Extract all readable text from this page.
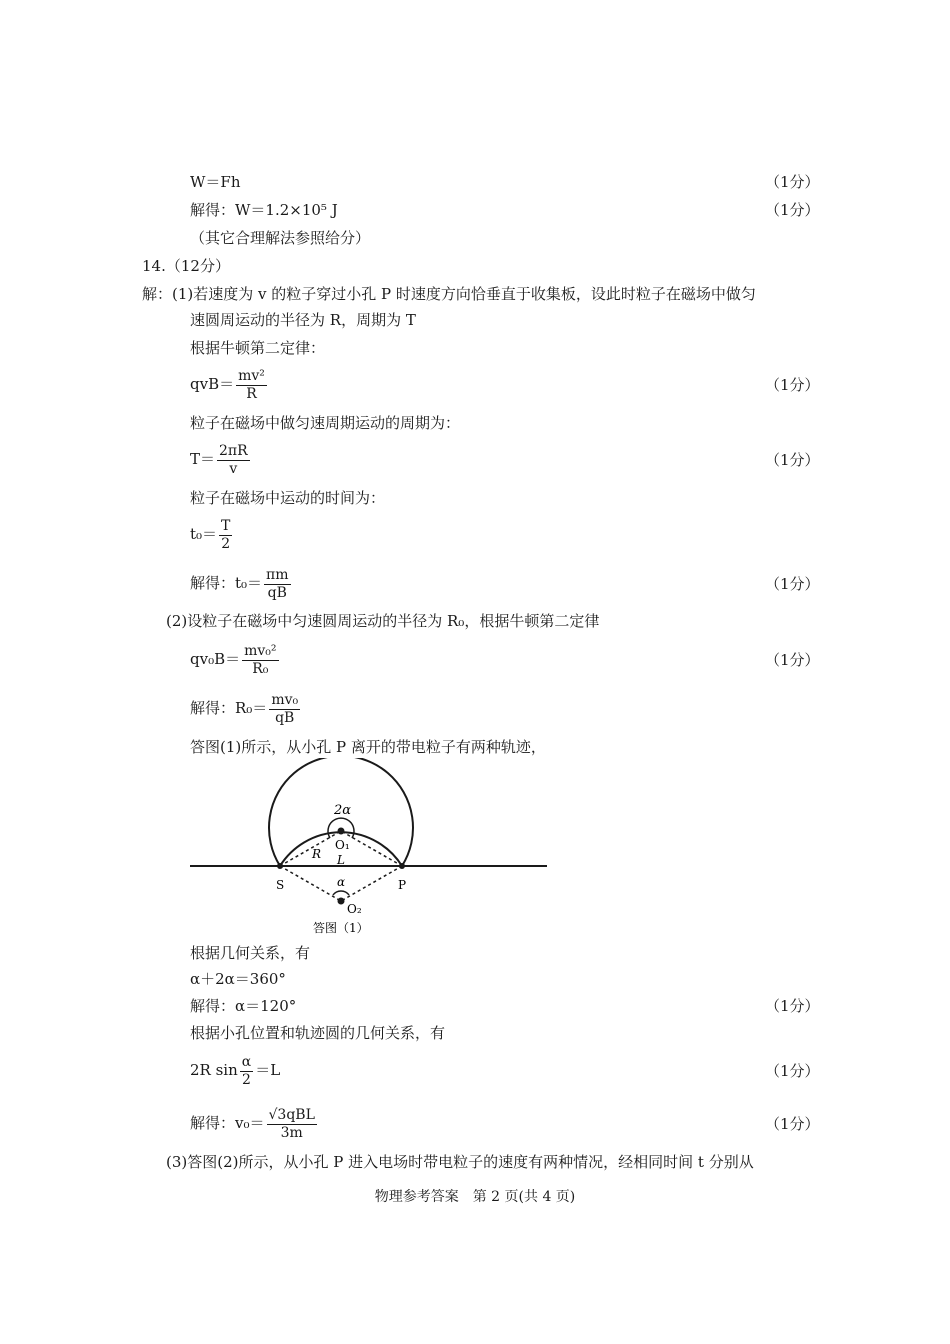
W＝Fh	（1分）
解得：W＝1.2×10⁵ J	（1分）
（其它合理解法参照给分）
14.（12分）
解：(1)若速度为 v 的粒子穿过小孔 P 时速度方向恰垂直于收集板，设此时粒子在磁场中做匀
速圆周运动的半径为 R，周期为 T
根据牛顿第二定律：
$qvB= \frac{\text{mv²}}{R}$	（1分）
粒子在磁场中做匀速周期运动的周期为：
$T= \frac{2\pi R}{v}$	（1分）
粒子在磁场中运动的时间为：
$t_0= \frac{T}{2}$
解得：$t_0= \frac{\pi m}{qB}$	（1分）
(2)设粒子在磁场中匀速圆周运动的半径为 R₀，根据牛顿第二定律
$qv_0B= \frac{\text{mv₀²}}{\text{R₀}}$	（1分）
解得：$R_0= \frac{\text{mv₀}}{qB}$
答图(1)所示，从小孔 P 离开的带电粒子有两种轨迹，
2α
O₁
R L
S	P
α
O₂
答图（1）
根据几何关系，有
α＋2α＝360°
解得：α＝120°	（1分）
根据小孔位置和轨迹圆的几何关系，有
2R $\sin \frac{\alpha}{2} =L$	（1分）
解得：$v_0= \frac{\text{√3qBL}}{3m}$	（1分）
(3)答图(2)所示，从小孔 P 进入电场时带电粒子的速度有两种情况，经相同时间 t 分别从
物理参考答案　第 2 页(共 4 页)
